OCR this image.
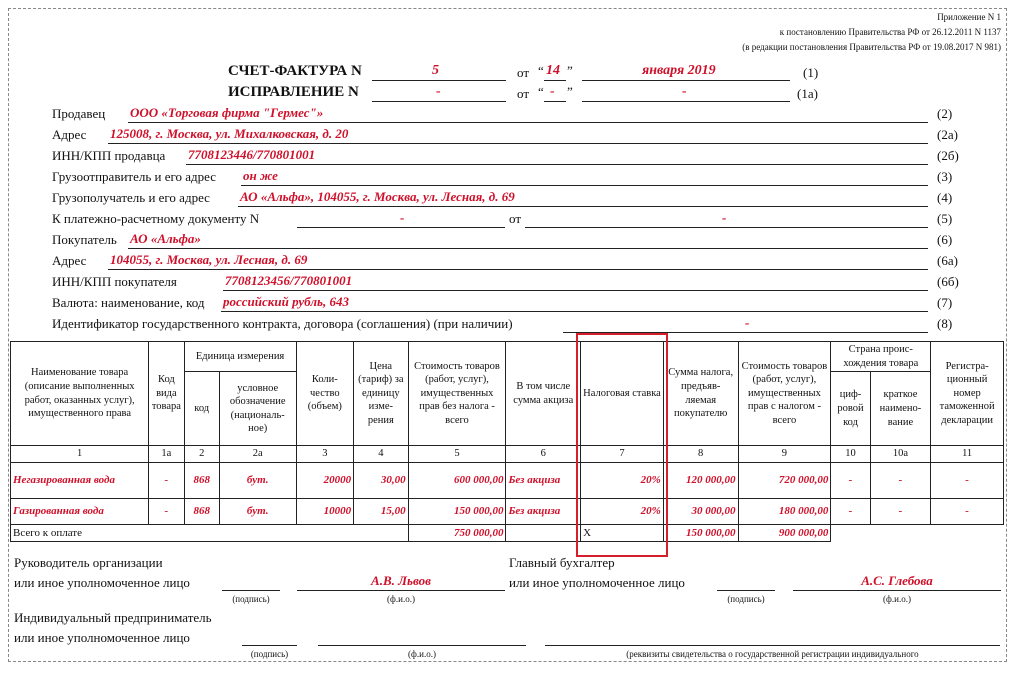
Приложение N 1
к постановлению Правительства РФ от 26.12.2011 N 1137
(в редакции постановления Правительства РФ от 19.08.2017 N 981)
СЧЕТ-ФАКТУРА N	5	от “ 14 ”	января 2019	(1)
ИСПРАВЛЕНИЕ N	-	от “ - ”	-	(1а)
Продавец ООО «Торговая фирма "Гермес"»	(2)
Адрес 125008, г. Москва, ул. Михалковская, д. 20	(2а)
ИНН/КПП продавца 7708123446/770801001	(2б)
Грузоотправитель и его адрес он же	(3)
Грузополучатель и его адрес АО «Альфа», 104055, г. Москва, ул. Лесная, д. 69	(4)
К платежно-расчетному документу N	-	(5)
от	-
Покупатель АО «Альфа»	(6)
Адрес 104055, г. Москва, ул. Лесная, д. 69	(6а)
ИНН/КПП покупателя	7708123456/770801001	(6б)
Валюта: наименование, код российский рубль, 643	(7)
Идентификатор государственного контракта, договора (соглашения) (при наличии)	-	(8)
Наименование товара (описание выполненных работ, оказанных услуг), имущественного права	Код вида товара	Единица измерения		Коли-чество (объем)	Цена (тариф) за единицу изме-рения	Стоимость товаров (работ, услуг), имущественных прав без налога - всего	В том числе сумма акциза	Налоговая ставка	Сумма налога, предъяв-ляемая покупателю	Стоимость товаров (работ, услуг), имущественных прав с налогом - всего	Страна проис-хождения товара		Регистра-ционный номер таможенной декларации
		код	условное обозначение (националь-ное)								циф-ровой код	краткое наимено-вание	
1	1а	2	2а	3	4	5	6	7	8	9	10	10а	11
Негазированная вода	-	868	бут.	20000	30,00	600 000,00	Без акциза	20%	120 000,00	720 000,00	-	-	-
Газированная вода	-	868	бут.	10000	15,00	150 000,00	Без акциза	20%	30 000,00	180 000,00	-	-	-
Всего к оплате						750 000,00		X	150 000,00	900 000,00			
Руководитель организации
или иное уполномоченное лицо
(подпись)
А.В. Львов
(ф.и.о.)
Главный бухгалтер
или иное уполномоченное лицо
(подпись)
А.С. Глебова
(ф.и.о.)
Индивидуальный предприниматель
или иное уполномоченное лицо
(подпись)	(ф.и.о.)	(реквизиты свидетельства о государственной регистрации индивидуального
